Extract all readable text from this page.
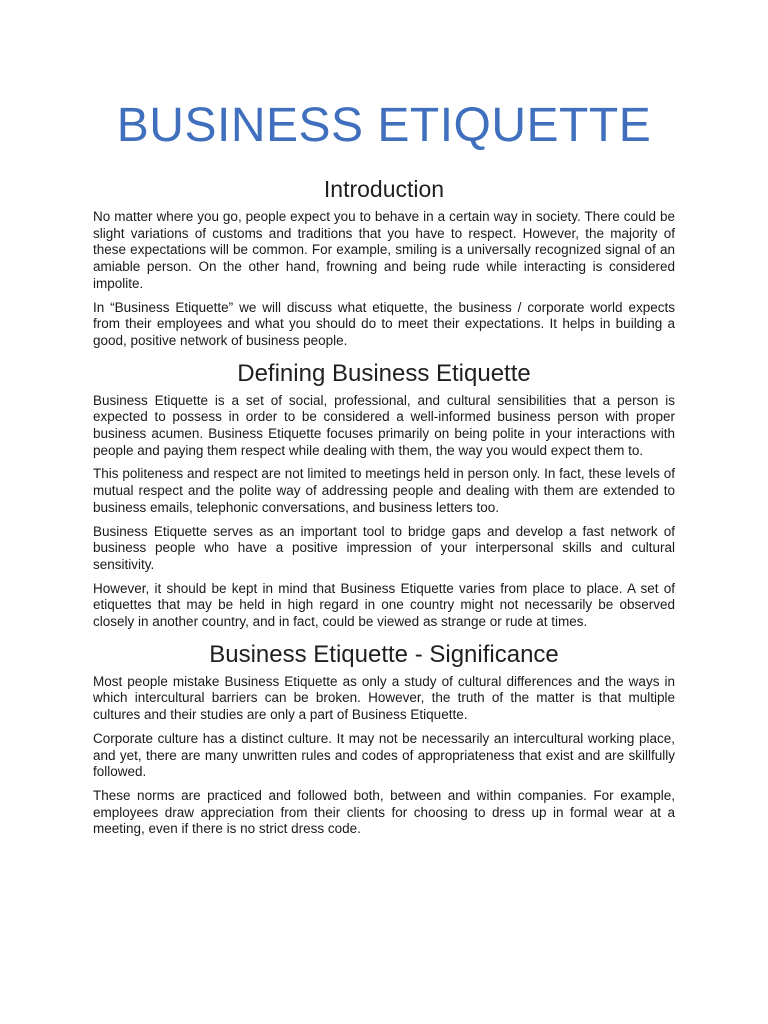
BUSINESS ETIQUETTE
Introduction

No matter where you go, people expect you to behave in a certain way in society. There could be slight variations of customs and traditions that you have to respect. However, the majority of these expectations will be common. For example, smiling is a universally recognized signal of an amiable person. On the other hand, frowning and being rude while interacting is considered impolite.

In “Business Etiquette” we will discuss what etiquette, the business / corporate world expects from their employees and what you should do to meet their expectations. It helps in building a good, positive network of business people.

Defining Business Etiquette

Business Etiquette is a set of social, professional, and cultural sensibilities that a person is expected to possess in order to be considered a well-informed business person with proper business acumen. Business Etiquette focuses primarily on being polite in your interactions with people and paying them respect while dealing with them, the way you would expect them to.

This politeness and respect are not limited to meetings held in person only. In fact, these levels of mutual respect and the polite way of addressing people and dealing with them are extended to business emails, telephonic conversations, and business letters too.

Business Etiquette serves as an important tool to bridge gaps and develop a fast network of business people who have a positive impression of your interpersonal skills and cultural sensitivity.

However, it should be kept in mind that Business Etiquette varies from place to place. A set of etiquettes that may be held in high regard in one country might not necessarily be observed closely in another country, and in fact, could be viewed as strange or rude at times.

Business Etiquette - Significance

Most people mistake Business Etiquette as only a study of cultural differences and the ways in which intercultural barriers can be broken. However, the truth of the matter is that multiple cultures and their studies are only a part of Business Etiquette.

Corporate culture has a distinct culture. It may not be necessarily an intercultural working place, and yet, there are many unwritten rules and codes of appropriateness that exist and are skillfully followed.

These norms are practiced and followed both, between and within companies. For example, employees draw appreciation from their clients for choosing to dress up in formal wear at a meeting, even if there is no strict dress code.
